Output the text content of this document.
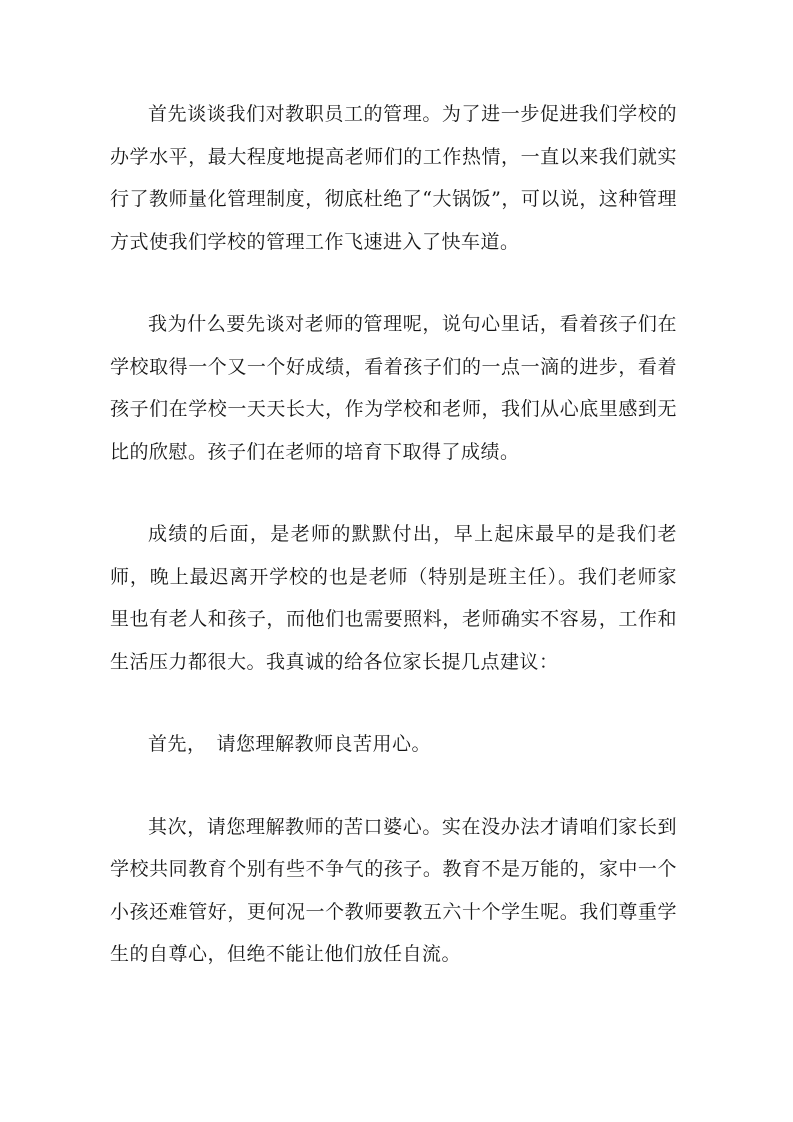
首先谈谈我们对教职员工的管理。为了进一步促进我们学校的办学水平，最大程度地提高老师们的工作热情，一直以来我们就实行了教师量化管理制度，彻底杜绝了“大锅饭”，可以说，这种管理方式使我们学校的管理工作飞速进入了快车道。

我为什么要先谈对老师的管理呢，说句心里话，看着孩子们在学校取得一个又一个好成绩，看着孩子们的一点一滴的进步，看着孩子们在学校一天天长大，作为学校和老师，我们从心底里感到无比的欣慰。孩子们在老师的培育下取得了成绩。

成绩的后面，是老师的默默付出，早上起床最早的是我们老师，晚上最迟离开学校的也是老师（特别是班主任）。我们老师家里也有老人和孩子，而他们也需要照料，老师确实不容易，工作和生活压力都很大。我真诚的给各位家长提几点建议：

首先，　请您理解教师良苦用心。

其次，请您理解教师的苦口婆心。实在没办法才请咱们家长到学校共同教育个别有些不争气的孩子。教育不是万能的，家中一个小孩还难管好，更何况一个教师要教五六十个学生呢。我们尊重学生的自尊心，但绝不能让他们放任自流。
